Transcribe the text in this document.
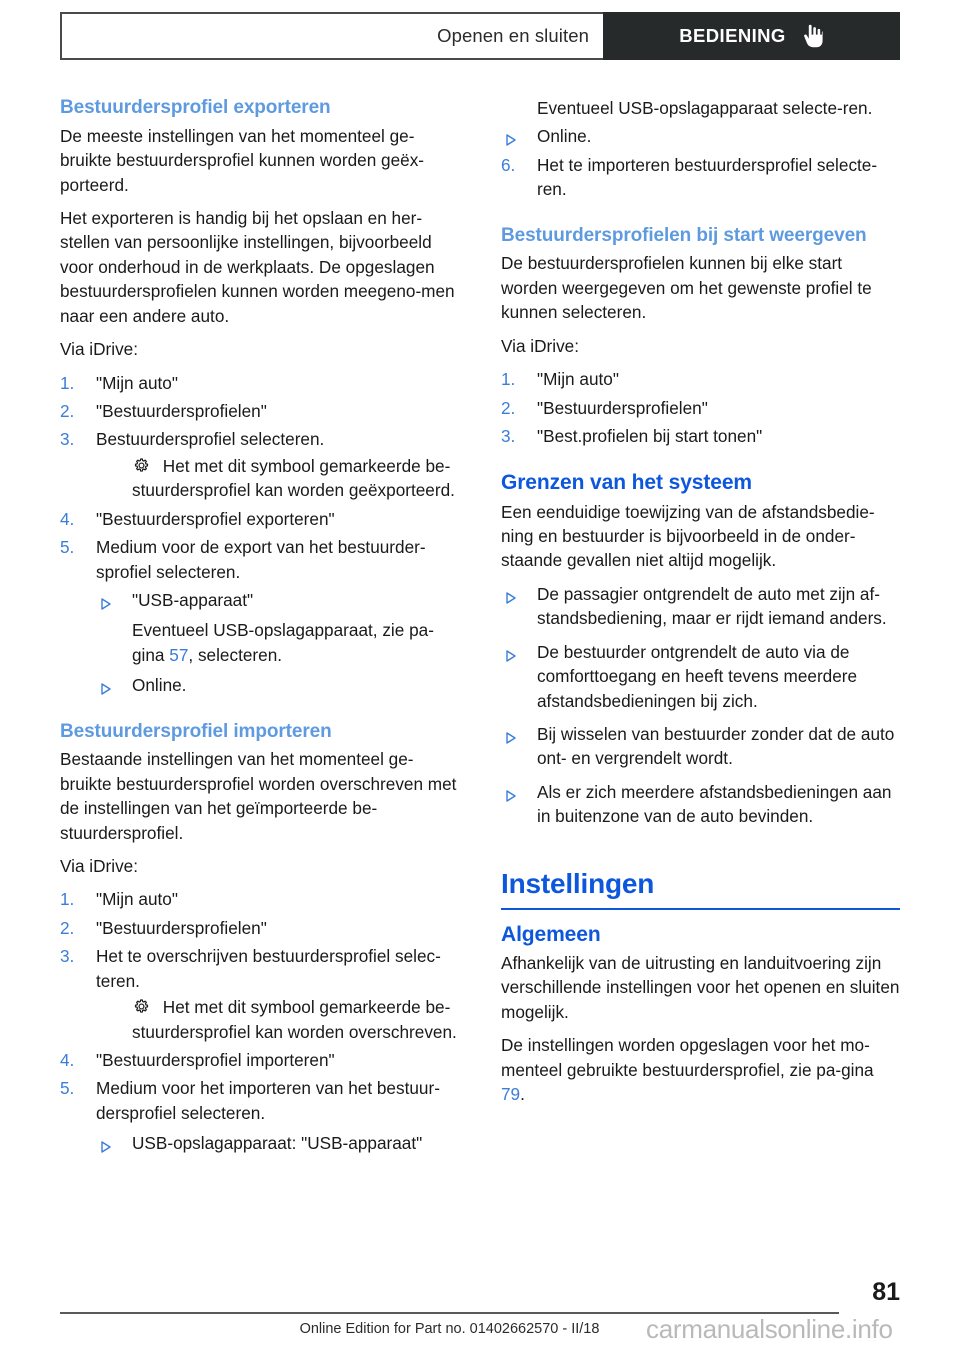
Openen en sluiten	BEDIENING
Bestuurdersprofiel exporteren

De meeste instellingen van het momenteel ge-bruikte bestuurdersprofiel kunnen worden geëx-porteerd.

Het exporteren is handig bij het opslaan en her-stellen van persoonlijke instellingen, bijvoorbeeld voor onderhoud in de werkplaats. De opgeslagen bestuurdersprofielen kunnen worden meegeno-men naar een andere auto.

Via iDrive:

1.	"Mijn auto"
2.	"Bestuurdersprofielen"
3.	Bestuurdersprofiel selecteren.
Het met dit symbool gemarkeerde be-stuurdersprofiel kan worden geëxporteerd.
4.	"Bestuurdersprofiel exporteren"
5.	Medium voor de export van het bestuurder-sprofiel selecteren.
"USB-apparaat"
Eventueel USB-opslagapparaat, zie pa-gina 57, selecteren.
Online.
Bestuurdersprofiel importeren

Bestaande instellingen van het momenteel ge-bruikte bestuurdersprofiel worden overschreven met de instellingen van het geïmporteerde be-stuurdersprofiel.

Via iDrive:

1.	"Mijn auto"
2.	"Bestuurdersprofielen"
3.	Het te overschrijven bestuurdersprofiel selec-teren.
Het met dit symbool gemarkeerde be-stuurdersprofiel kan worden overschreven.
4.	"Bestuurdersprofiel importeren"
5.	Medium voor het importeren van het bestuur-dersprofiel selecteren.
USB-opslagapparaat: "USB-apparaat"
Eventueel USB-opslagapparaat selecte-ren.
Online.
6.	Het te importeren bestuurdersprofiel selecte-ren.
Bestuurdersprofielen bij start weergeven

De bestuurdersprofielen kunnen bij elke start worden weergegeven om het gewenste profiel te kunnen selecteren.

Via iDrive:

1.	"Mijn auto"
2.	"Bestuurdersprofielen"
3.	"Best.profielen bij start tonen"
Grenzen van het systeem

Een eenduidige toewijzing van de afstandsbedie-ning en bestuurder is bijvoorbeeld in de onder-staande gevallen niet altijd mogelijk.

De passagier ontgrendelt de auto met zijn af-standsbediening, maar er rijdt iemand anders.
De bestuurder ontgrendelt de auto via de comforttoegang en heeft tevens meerdere afstandsbedieningen bij zich.
Bij wisselen van bestuurder zonder dat de auto ont- en vergrendelt wordt.
Als er zich meerdere afstandsbedieningen aan in buitenzone van de auto bevinden.
Instellingen
Algemeen

Afhankelijk van de uitrusting en landuitvoering zijn verschillende instellingen voor het openen en sluiten mogelijk.

De instellingen worden opgeslagen voor het mo-menteel gebruikte bestuurdersprofiel, zie pa-gina 79.

81
Online Edition for Part no. 01402662570 - II/18	carmanualsonline.info
